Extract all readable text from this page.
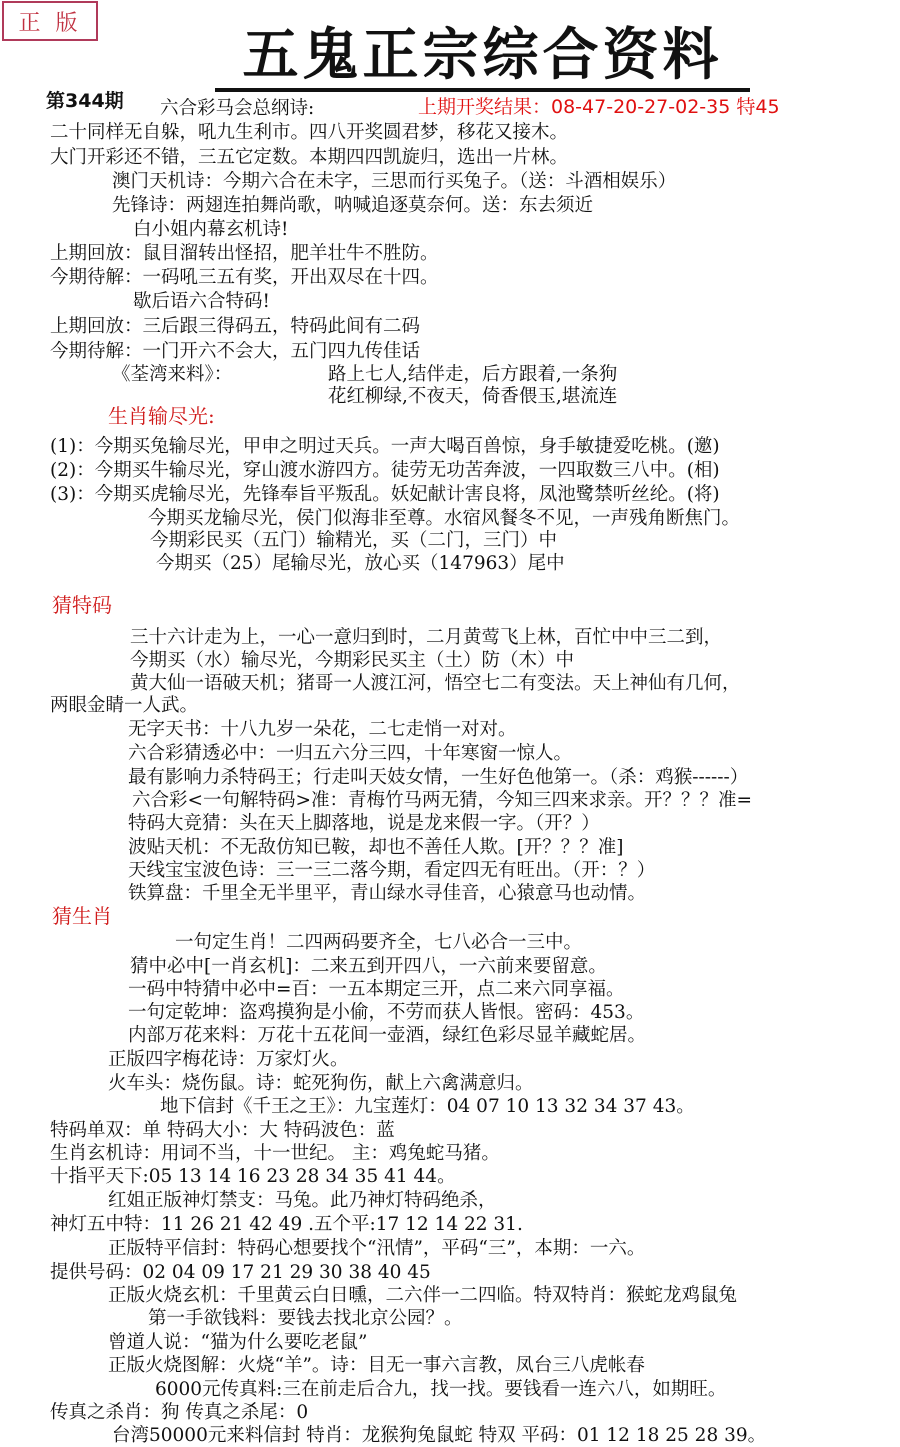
正 版	五鬼正宗综合资料
第344期	上期开奖结果：08-47-20-27-02-35 特45
六合彩马会总纲诗:
二十同样无自躲，吼九生利市。四八开奖圆君梦，移花又接木。
大门开彩还不错，三五它定数。本期四四凯旋归，选出一片林。
澳门天机诗：今期六合在未字，三思而行买兔子。（送：斗酒相娱乐）
先锋诗：两翅连拍舞尚歌，呐喊追逐莫奈何。送：东去须近
白小姐内幕玄机诗!
上期回放：鼠目溜转出怪招，肥羊壮牛不胜防。
今期待解：一码吼三五有奖，开出双尽在十四。
歇后语六合特码!
上期回放：三后跟三得码五，特码此间有二码
今期待解：一门开六不会大，五门四九传佳话
《荃湾来料》：	路上七人,结伴走，后方跟着,一条狗
花红柳绿,不夜天，倚香偎玉,堪流连
生肖输尽光:
(1)：今期买兔输尽光，甲申之明过天兵。一声大喝百兽惊，身手敏捷爱吃桃。(邀)
(2)：今期买牛输尽光，穿山渡水游四方。徒劳无功苦奔波，一四取数三八中。(相)
(3)：今期买虎输尽光，先锋奉旨平叛乱。妖妃献计害良将，凤池鹭禁听丝纶。(将)
今期买龙输尽光，侯门似海非至尊。水宿风餐冬不见，一声残角断焦门。
今期彩民买（五门）输精光，买（二门，三门）中
今期买（25）尾输尽光，放心买（147963）尾中
猜特码
三十六计走为上，一心一意归到时，二月黄莺飞上林，百忙中中三二到，
今期买（水）输尽光，今期彩民买主（土）防（木）中
黄大仙一语破天机；猪哥一人渡江河，悟空七二有变法。天上神仙有几何，
两眼金睛一人武。
无字天书：十八九岁一朵花，二七走悄一对对。
六合彩猜透必中：一归五六分三四，十年寒窗一惊人。
最有影响力杀特码王；行走叫天妓女情，一生好色他第一。（杀：鸡猴------）
六合彩<一句解特码>准：青梅竹马两无猜，今知三四来求亲。开？？？准=
特码大竞猜：头在天上脚落地，说是龙来假一字。（开？）
波贴天机：不无敌仿知已鞍，却也不善任人欺。[开？？？准]
天线宝宝波色诗：三一三二落今期，看定四无有旺出。（开：？）
铁算盘：千里全无半里平，青山绿水寻佳音，心猿意马也动情。
猜生肖
一句定生肖！二四两码要齐全，七八必合一三中。
猜中必中[一肖玄机]：二来五到开四八，一六前来要留意。
一码中特猜中必中=百：一五本期定三开，点二来六同享福。
一句定乾坤：盗鸡摸狗是小偷，不劳而获人皆恨。密码：453。
内部万花来料：万花十五花间一壶酒，绿红色彩尽显羊藏蛇居。
正版四字梅花诗：万家灯火。
火车头：烧伤鼠。诗：蛇死狗伤，献上六禽满意归。
地下信封《千王之王》：九宝莲灯：04 07 10 13 32 34 37 43。
特码单双：单 特码大小：大 特码波色：蓝
生肖玄机诗：用词不当，十一世纪。 主：鸡兔蛇马猪。
十指平天下:05 13 14 16 23 28 34 35 41 44。
红姐正版神灯禁支：马兔。此乃神灯特码绝杀，
神灯五中特：11 26 21 42 49 .五个平:17 12 14 22 31.
正版特平信封：特码心想要找个“汛情”，平码“三”，本期：一六。
提供号码：02 04 09 17 21 29 30 38 40 45
正版火烧玄机：千里黄云白日曛，二六伴一二四临。特双特肖：猴蛇龙鸡鼠兔
第一手欲钱料：要钱去找北京公园？。
曾道人说：“猫为什么要吃老鼠”
正版火烧图解：火烧“羊”。诗：目无一事六言教，凤台三八虎帐春
6000元传真料:三在前走后合九，找一找。要钱看一连六八，如期旺。
传真之杀肖：狗 传真之杀尾：0
台湾50000元来料信封 特肖：龙猴狗兔鼠蛇 特双 平码：01 12 18 25 28 39。
